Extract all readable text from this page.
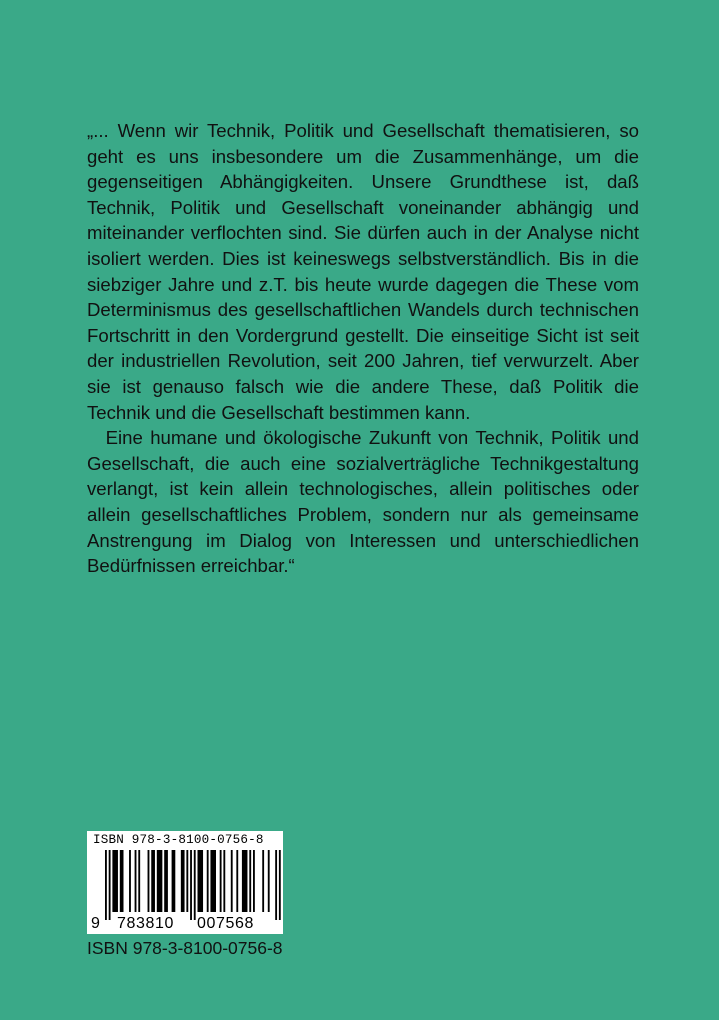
„... Wenn wir Technik, Politik und Gesellschaft thematisieren, so geht es uns insbesondere um die Zusammenhänge, um die gegenseitigen Abhängigkeiten. Unsere Grundthese ist, daß Technik, Politik und Gesellschaft voneinander abhängig und miteinander verflochten sind. Sie dürfen auch in der Analyse nicht isoliert werden. Dies ist keineswegs selbstverständlich. Bis in die siebziger Jahre und z.T. bis heute wurde dagegen die These vom Determinismus des gesellschaftlichen Wandels durch technischen Fortschritt in den Vordergrund gestellt. Die einseitige Sicht ist seit der industriellen Revolution, seit 200 Jahren, tief verwurzelt. Aber sie ist genauso falsch wie die andere These, daß Politik die Technik und die Gesellschaft bestimmen kann.

Eine humane und ökologische Zukunft von Technik, Politik und Gesellschaft, die auch eine sozialverträgliche Technikgestaltung verlangt, ist kein allein technologisches, allein politisches oder allein gesellschaftliches Problem, sondern nur als gemeinsame Anstrengung im Dialog von Interessen und unterschiedlichen Bedürfnissen erreichbar.“

ISBN 978-3-8100-0756-8
9 783810 007568
ISBN 978-3-8100-0756-8
